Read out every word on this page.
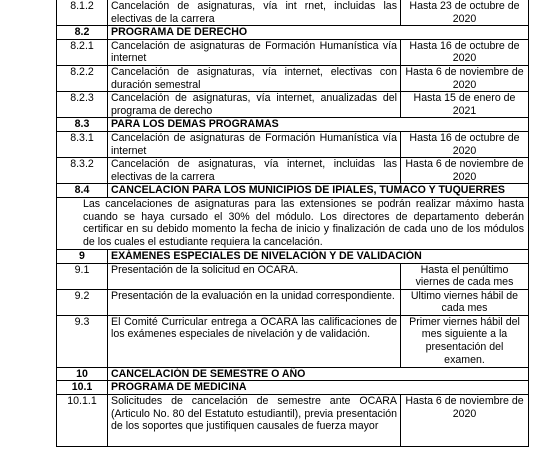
8.1.2	Cancelación de asignaturas, vía int rnet, incluidas las
electivas de la carrera	Hasta 23 de octubre de 2020
8.2	PROGRAMA DE DERECHO	
8.2.1	Cancelación de asignaturas de Formación Humanística vía
internet	Hasta 16 de octubre de 2020
8.2.2	Cancelación de asignaturas, vía internet, electivas con
duración semestral	Hasta 6 de noviembre de 2020
8.2.3	Cancelación de asignaturas, vía internet, anualizadas del
programa de derecho	Hasta 15 de enero de 2021
8.3	PARA LOS DEMAS PROGRAMAS	
8.3.1	Cancelación de asignaturas de Formación Humanística vía
internet	Hasta 16 de octubre de 2020
8.3.2	Cancelación de asignaturas, vía internet, incluidas las
electivas de la carrera	Hasta 6 de noviembre de 2020
8.4	CANCELACION PARA LOS MUNICIPIOS DE IPIALES, TUMACO Y TUQUERRES	
Las cancelaciones de asignaturas para las extensiones se podrán realizar máximo hasta cuando se haya cursado el 30% del módulo. Los directores de departamento deberán certificar en su debido momento la fecha de inicio y finalización de cada uno de los módulos de los cuales el estudiante requiera la cancelación.		
9	EXÁMENES ESPECIALES DE NIVELACIÓN Y DE VALIDACIÓN	
9.1	Presentación de la solicitud en OCARA.	Hasta el penúltimo viernes de cada mes
9.2	Presentación de la evaluación en la unidad correspondiente.	Ultimo viernes hábil de cada mes
9.3	El Comité Curricular entrega a OCARA las calificaciones de los exámenes especiales de nivelación y de validación.	Primer viernes hábil del mes siguiente a la presentación del examen.
10	CANCELACIÓN DE SEMESTRE O AÑO	
10.1	PROGRAMA DE MEDICINA	
10.1.1	Solicitudes de cancelación de semestre ante OCARA (Articulo No. 80 del Estatuto estudiantil), previa presentación de los soportes que justifiquen causales de fuerza mayor	Hasta 6 de noviembre de 2020
